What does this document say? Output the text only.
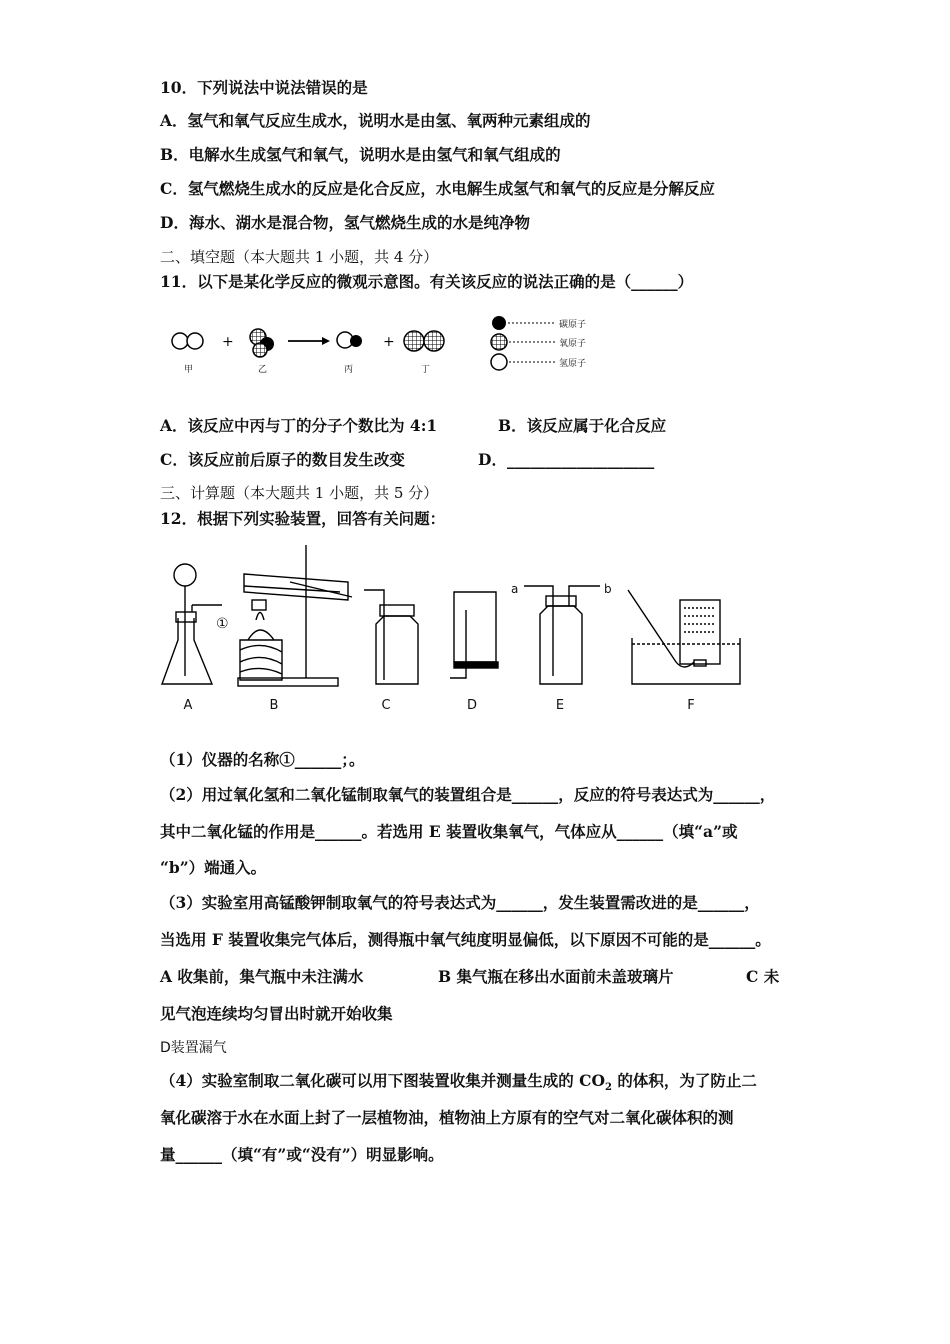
10．下列说法中说法错误的是
A．氢气和氧气反应生成水，说明水是由氢、氧两种元素组成的
B．电解水生成氢气和氧气，说明水是由氢气和氧气组成的
C．氢气燃烧生成水的反应是化合反应，水电解生成氢气和氧气的反应是分解反应
D．海水、湖水是混合物，氢气燃烧生成的水是纯净物
二、填空题（本大题共 1 小题，共 4 分）
11．以下是某化学反应的微观示意图。有关该反应的说法正确的是（______）
+	+
甲	乙	丙	丁
碳原子
氧原子
氢原子
A．该反应中丙与丁的分子个数比为 4:1	B．该反应属于化合反应
C．该反应前后原子的数目发生改变	D．___________________
三、计算题（本大题共 1 小题，共 5 分）
12．根据下列实验装置，回答有关问题：
a	b
①
A	B	C	D	E	F
（1）仪器的名称①______；。
（2）用过氧化氢和二氧化锰制取氧气的装置组合是______，反应的符号表达式为______，
其中二氧化锰的作用是______。若选用 E 装置收集氧气，气体应从______（填“a”或
“b”）端通入。
（3）实验室用高锰酸钾制取氧气的符号表达式为______，发生装置需改进的是______，
当选用 F 装置收集完气体后，测得瓶中氧气纯度明显偏低，以下原因不可能的是______。
A 收集前，集气瓶中未注满水	B 集气瓶在移出水面前未盖玻璃片	C 未
见气泡连续均匀冒出时就开始收集
D装置漏气
（4）实验室制取二氧化碳可以用下图装置收集并测量生成的 $CO_2$ 的体积，为了防止二
氧化碳溶于水在水面上封了一层植物油，植物油上方原有的空气对二氧化碳体积的测
量______（填“有”或“没有”）明显影响。
